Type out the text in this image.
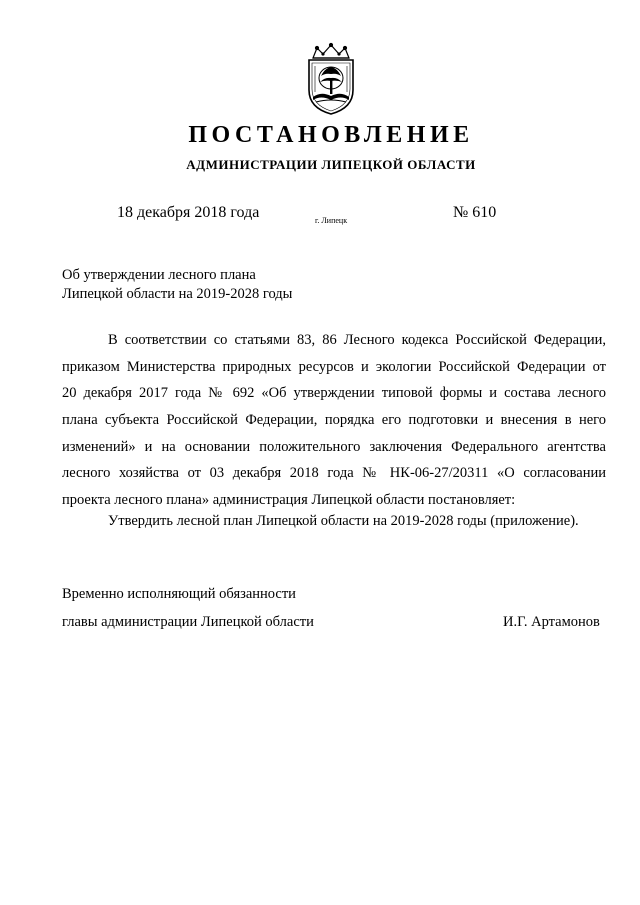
ПОСТАНОВЛЕНИЕ
АДМИНИСТРАЦИИ ЛИПЕЦКОЙ ОБЛАСТИ
18 декабря 2018 года	г. Липецк	№ 610
Об утверждении лесного плана
Липецкой области на 2019-2028 годы
В соответствии со статьями 83, 86 Лесного кодекса Российской Федерации,
приказом Министерства природных ресурсов и экологии Российской Федерации от
20 декабря 2017 года № 692 «Об утверждении типовой формы и состава лесного
плана субъекта Российской Федерации, порядка его подготовки и внесения в него
изменений» и на основании положительного заключения Федерального агентства
лесного хозяйства от 03 декабря 2018 года № НК-06-27/20311 «О согласовании
проекта лесного плана» администрация Липецкой области постановляет:
Утвердить лесной план Липецкой области на 2019-2028 годы (приложение).
Временно исполняющий обязанности
главы администрации Липецкой области	И.Г. Артамонов
